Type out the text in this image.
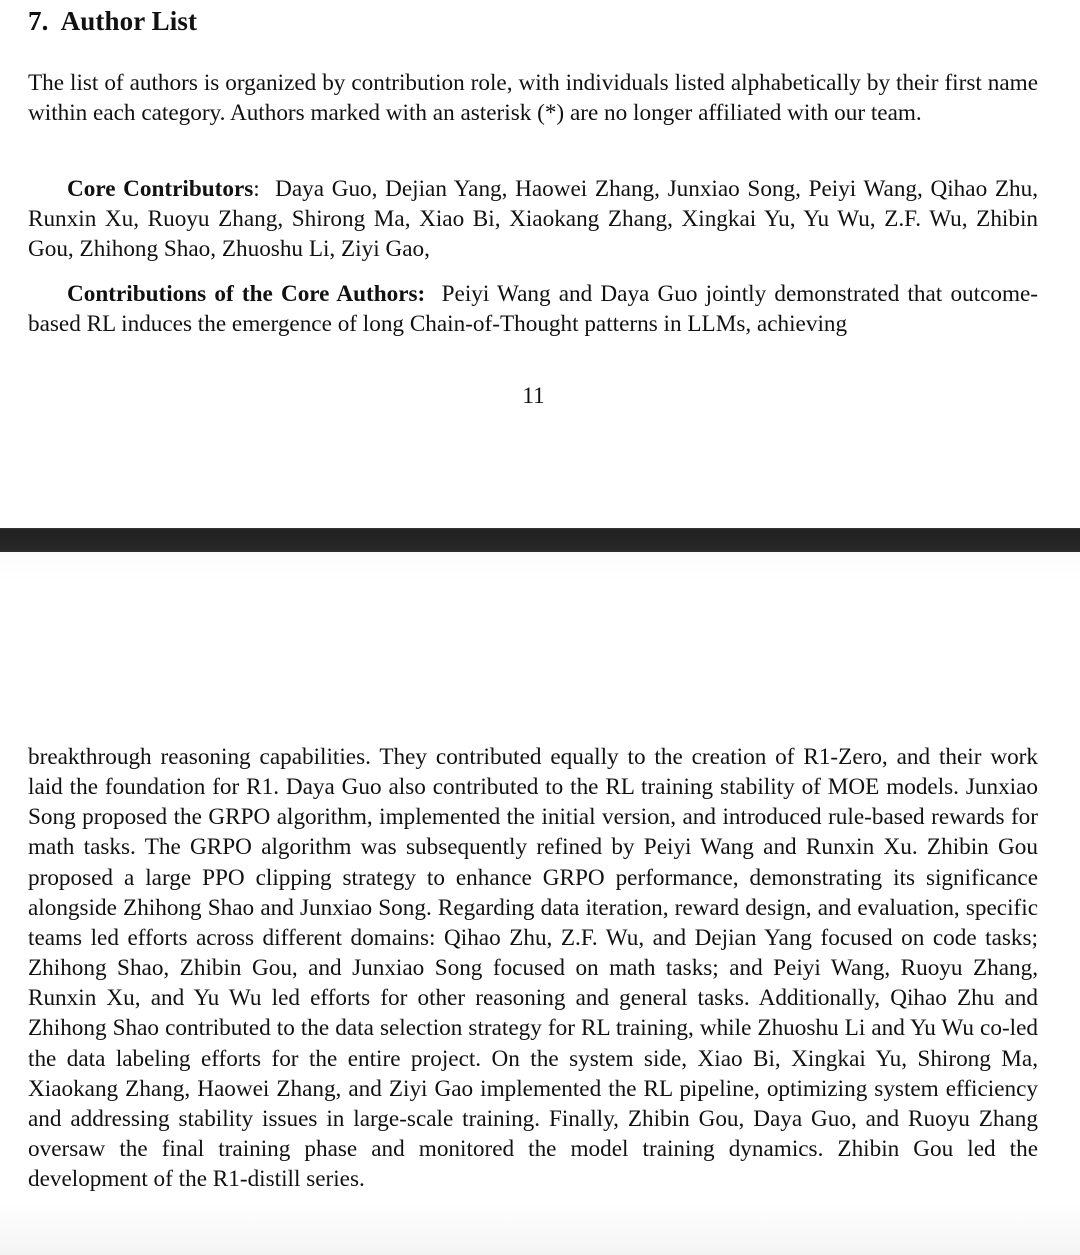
7. Author List

The list of authors is organized by contribution role, with individuals listed alphabetically by their first name within each category. Authors marked with an asterisk (*) are no longer affiliated with our team.

Core Contributors: Daya Guo, Dejian Yang, Haowei Zhang, Junxiao Song, Peiyi Wang, Qihao Zhu, Runxin Xu, Ruoyu Zhang, Shirong Ma, Xiao Bi, Xiaokang Zhang, Xingkai Yu, Yu Wu, Z.F. Wu, Zhibin Gou, Zhihong Shao, Zhuoshu Li, Ziyi Gao,

Contributions of the Core Authors: Peiyi Wang and Daya Guo jointly demonstrated that outcome-based RL induces the emergence of long Chain-of-Thought patterns in LLMs, achieving

11

breakthrough reasoning capabilities. They contributed equally to the creation of R1-Zero, and their work laid the foundation for R1. Daya Guo also contributed to the RL training stability of MOE models. Junxiao Song proposed the GRPO algorithm, implemented the initial version, and introduced rule-based rewards for math tasks. The GRPO algorithm was subsequently refined by Peiyi Wang and Runxin Xu. Zhibin Gou proposed a large PPO clipping strategy to enhance GRPO performance, demonstrating its significance alongside Zhihong Shao and Junxiao Song. Regarding data iteration, reward design, and evaluation, specific teams led efforts across different domains: Qihao Zhu, Z.F. Wu, and Dejian Yang focused on code tasks; Zhihong Shao, Zhibin Gou, and Junxiao Song focused on math tasks; and Peiyi Wang, Ruoyu Zhang, Runxin Xu, and Yu Wu led efforts for other reasoning and general tasks. Additionally, Qihao Zhu and Zhihong Shao contributed to the data selection strategy for RL training, while Zhuoshu Li and Yu Wu co-led the data labeling efforts for the entire project. On the system side, Xiao Bi, Xingkai Yu, Shirong Ma, Xiaokang Zhang, Haowei Zhang, and Ziyi Gao implemented the RL pipeline, optimizing system efficiency and addressing stability issues in large-scale training. Finally, Zhibin Gou, Daya Guo, and Ruoyu Zhang oversaw the final training phase and monitored the model training dynamics. Zhibin Gou led the development of the R1-distill series.
